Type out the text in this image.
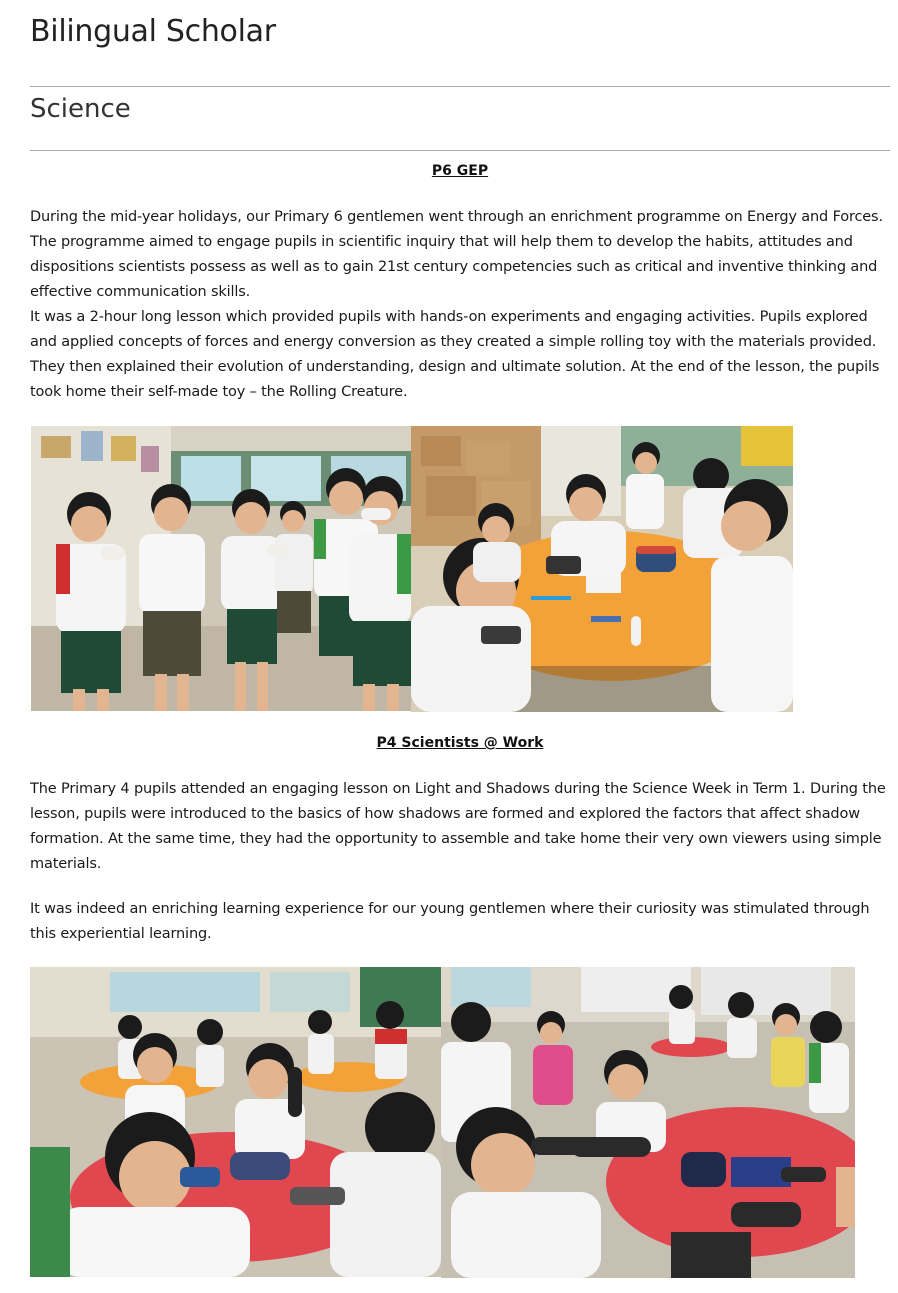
Bilingual Scholar
Science
P6 GEP

During the mid-year holidays, our Primary 6 gentlemen went through an enrichment programme on Energy and Forces. The programme aimed to engage pupils in scientific inquiry that will help them to develop the habits, attitudes and dispositions scientists possess as well as to gain 21st century competencies such as critical and inventive thinking and effective communication skills.

It was a 2-hour long lesson which provided pupils with hands-on experiments and engaging activities. Pupils explored and applied concepts of forces and energy conversion as they created a simple rolling toy with the materials provided. They then explained their evolution of understanding, design and ultimate solution. At the end of the lesson, the pupils took home their self-made toy – the Rolling Creature.

P4 Scientists @ Work

The Primary 4 pupils attended an engaging lesson on Light and Shadows during the Science Week in Term 1. During the lesson, pupils were introduced to the basics of how shadows are formed and explored the factors that affect shadow formation. At the same time, they had the opportunity to assemble and take home their very own viewers using simple materials.

It was indeed an enriching learning experience for our young gentlemen where their curiosity was stimulated through this experiential learning.
